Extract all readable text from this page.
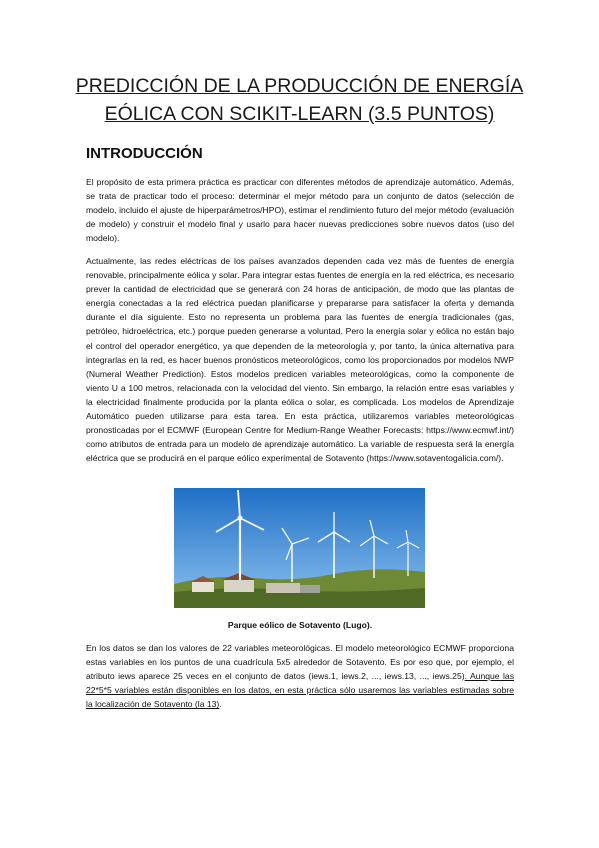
PREDICCIÓN DE LA PRODUCCIÓN DE ENERGÍA
EÓLICA CON SCIKIT-LEARN (3.5 PUNTOS)
INTRODUCCIÓN

El propósito de esta primera práctica es practicar con diferentes métodos de aprendizaje automático. Además, se trata de practicar todo el proceso: determinar el mejor método para un conjunto de datos (selección de modelo, incluido el ajuste de hiperparámetros/HPO), estimar el rendimiento futuro del mejor método (evaluación de modelo) y construir el modelo final y usarlo para hacer nuevas predicciones sobre nuevos datos (uso del modelo).

Actualmente, las redes eléctricas de los países avanzados dependen cada vez más de fuentes de energía renovable, principalmente eólica y solar. Para integrar estas fuentes de energía en la red eléctrica, es necesario prever la cantidad de electricidad que se generará con 24 horas de anticipación, de modo que las plantas de energía conectadas a la red eléctrica puedan planificarse y prepararse para satisfacer la oferta y demanda durante el día siguiente. Esto no representa un problema para las fuentes de energía tradicionales (gas, petróleo, hidroeléctrica, etc.) porque pueden generarse a voluntad. Pero la energía solar y eólica no están bajo el control del operador energético, ya que dependen de la meteorología y, por tanto, la única alternativa para integrarlas en la red, es hacer buenos pronósticos meteorológicos, como los proporcionados por modelos NWP (Numeral Weather Prediction). Estos modelos predicen variables meteorológicas, como la componente de viento U a 100 metros, relacionada con la velocidad del viento. Sin embargo, la relación entre esas variables y la electricidad finalmente producida por la planta eólica o solar, es complicada. Los modelos de Aprendizaje Automático pueden utilizarse para esta tarea. En esta práctica, utilizaremos variables meteorológicas pronosticadas por el ECMWF (European Centre for Medium-Range Weather Forecasts: https://www.ecmwf.int/) como atributos de entrada para un modelo de aprendizaje automático. La variable de respuesta será la energía eléctrica que se producirá en el parque eólico experimental de Sotavento (https://www.sotaventogalicia.com/).

Parque eólico de Sotavento (Lugo).

En los datos se dan los valores de 22 variables meteorológicas. El modelo meteorológico ECMWF proporciona estas variables en los puntos de una cuadrícula 5x5 alrededor de Sotavento. Es por eso que, por ejemplo, el atributo iews aparece 25 veces en el conjunto de datos (iews.1, iews.2, ..., iews.13, ..., iews.25). Aunque las 22*5*5 variables están disponibles en los datos, en esta práctica sólo usaremos las variables estimadas sobre la localización de Sotavento (la 13).
